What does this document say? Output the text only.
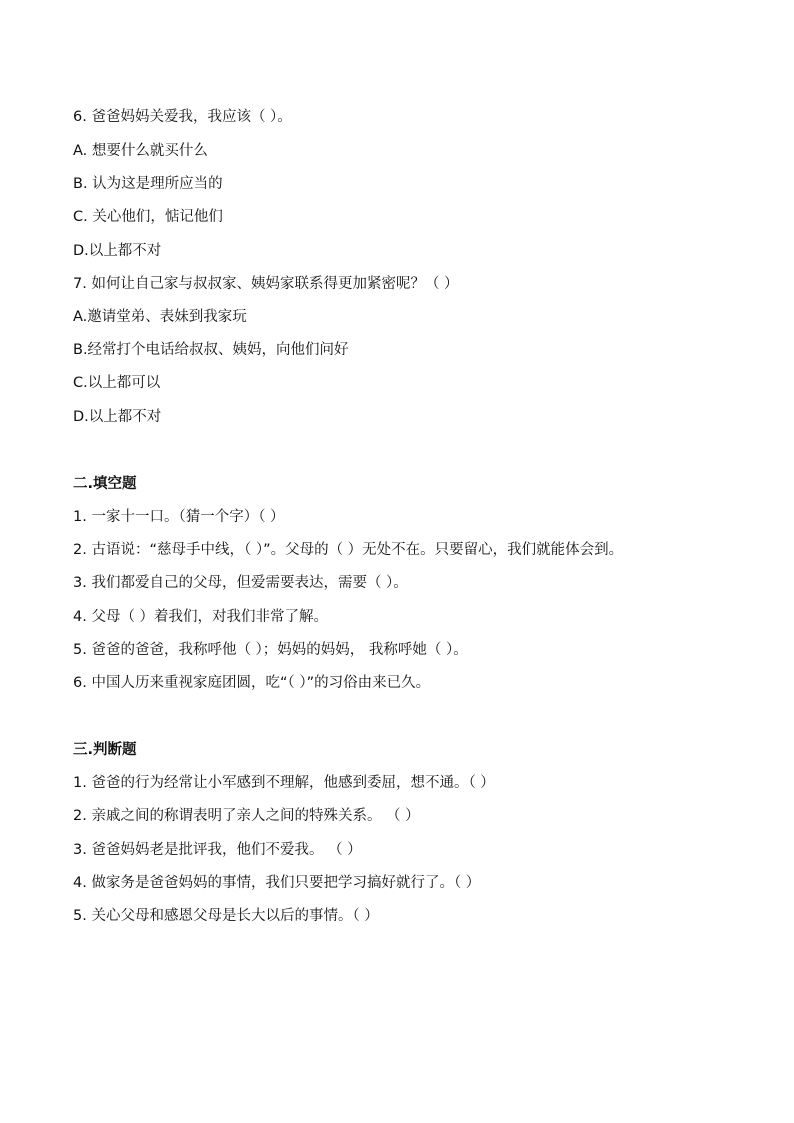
6. 爸爸妈妈关爱我，我应该（ ）。
A. 想要什么就买什么
B. 认为这是理所应当的
C. 关心他们，惦记他们
D.以上都不对
7. 如何让自己家与叔叔家、姨妈家联系得更加紧密呢？（ ）
A.邀请堂弟、表妹到我家玩
B.经常打个电话给叔叔、姨妈，向他们问好
C.以上都可以
D.以上都不对
二.填空题
1. 一家十一口。（猜一个字）（ ）
2. 古语说：“慈母手中线，（ ）”。父母的（ ）无处不在。只要留心，我们就能体会到。
3. 我们都爱自己的父母，但爱需要表达，需要（ ）。
4. 父母（ ）着我们，对我们非常了解。
5. 爸爸的爸爸，我称呼他（ ）；妈妈的妈妈， 我称呼她（ ）。
6. 中国人历来重视家庭团圆，吃“（ ）”的习俗由来已久。
三.判断题
1. 爸爸的行为经常让小军感到不理解，他感到委屈，想不通。（ ）
2. 亲戚之间的称谓表明了亲人之间的特殊关系。 （ ）
3. 爸爸妈妈老是批评我，他们不爱我。 （ ）
4. 做家务是爸爸妈妈的事情，我们只要把学习搞好就行了。（ ）
5. 关心父母和感恩父母是长大以后的事情。（ ）
